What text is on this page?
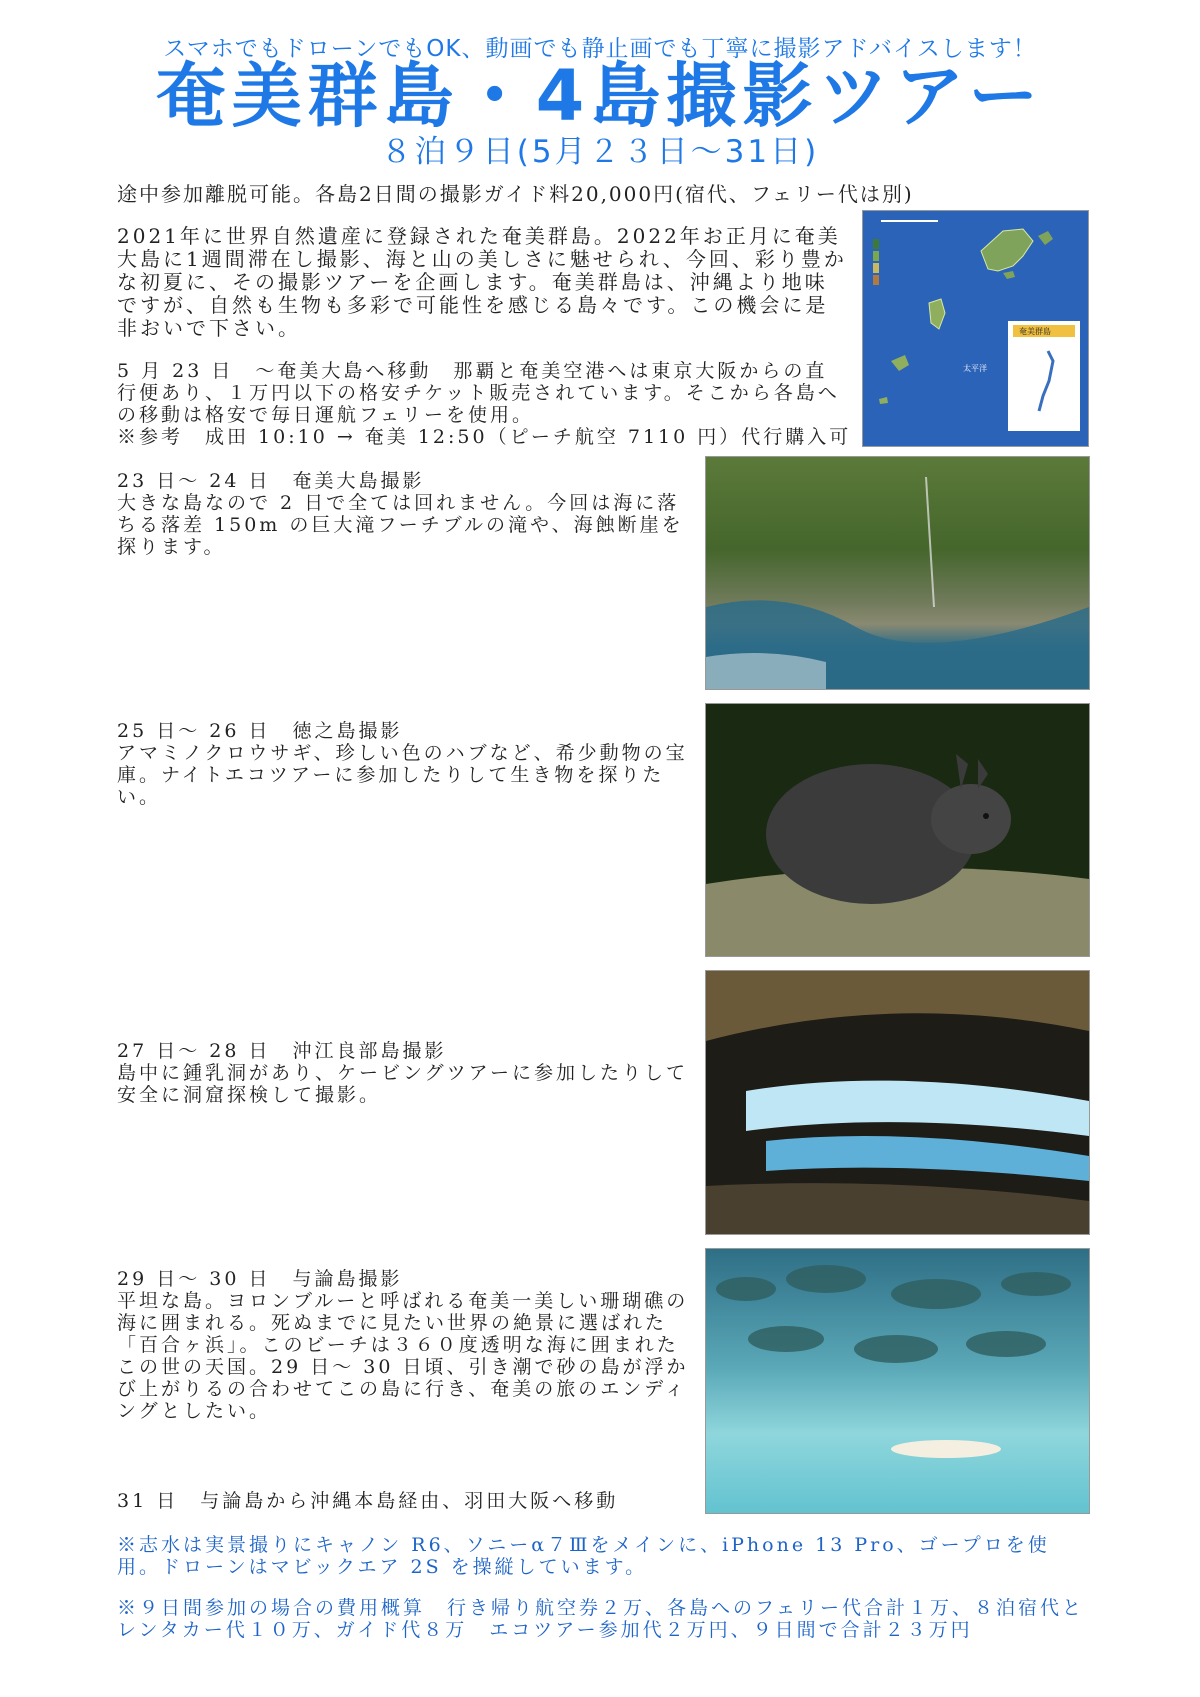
スマホでもドローンでもOK、動画でも静止画でも丁寧に撮影アドバイスします！
奄美群島・4島撮影ツアー
８泊９日(5月２３日〜31日)
途中参加離脱可能。各島2日間の撮影ガイド料20,000円(宿代、フェリー代は別)
2021年に世界自然遺産に登録された奄美群島。2022年お正月に奄美大島に1週間滞在し撮影、海と山の美しさに魅せられ、今回、彩り豊かな初夏に、その撮影ツアーを企画します。奄美群島は、沖縄より地味ですが、自然も生物も多彩で可能性を感じる島々です。この機会に是非おいで下さい。
太平洋
奄美群島
5 月 23 日　〜奄美大島へ移動　那覇と奄美空港へは東京大阪からの直行便あり、１万円以下の格安チケット販売されています。そこから各島への移動は格安で毎日運航フェリーを使用。
※参考　成田 10:10 → 奄美 12:50（ピーチ航空 7110 円）代行購入可
23 日〜 24 日　奄美大島撮影
大きな島なので 2 日で全ては回れません。今回は海に落ちる落差 150m の巨大滝フーチブルの滝や、海蝕断崖を探ります。
25 日〜 26 日　徳之島撮影
アマミノクロウサギ、珍しい色のハブなど、希少動物の宝庫。ナイトエコツアーに参加したりして生き物を探りたい。
27 日〜 28 日　沖江良部島撮影
島中に鍾乳洞があり、ケービングツアーに参加したりして安全に洞窟探検して撮影。
29 日〜 30 日　与論島撮影
平坦な島。ヨロンブルーと呼ばれる奄美一美しい珊瑚礁の海に囲まれる。死ぬまでに見たい世界の絶景に選ばれた「百合ヶ浜」。このビーチは３６０度透明な海に囲まれたこの世の天国。29 日〜 30 日頃、引き潮で砂の島が浮かび上がりるの合わせてこの島に行き、奄美の旅のエンディングとしたい。
31 日　与論島から沖縄本島経由、羽田大阪へ移動
※志水は実景撮りにキャノン R6、ソニーα７Ⅲをメインに、iPhone 13 Pro、ゴープロを使用。ドローンはマビックエア 2S を操縦しています。
※９日間参加の場合の費用概算　行き帰り航空券２万、各島へのフェリー代合計１万、８泊宿代とレンタカー代１０万、ガイド代８万　エコツアー参加代２万円、９日間で合計２３万円
